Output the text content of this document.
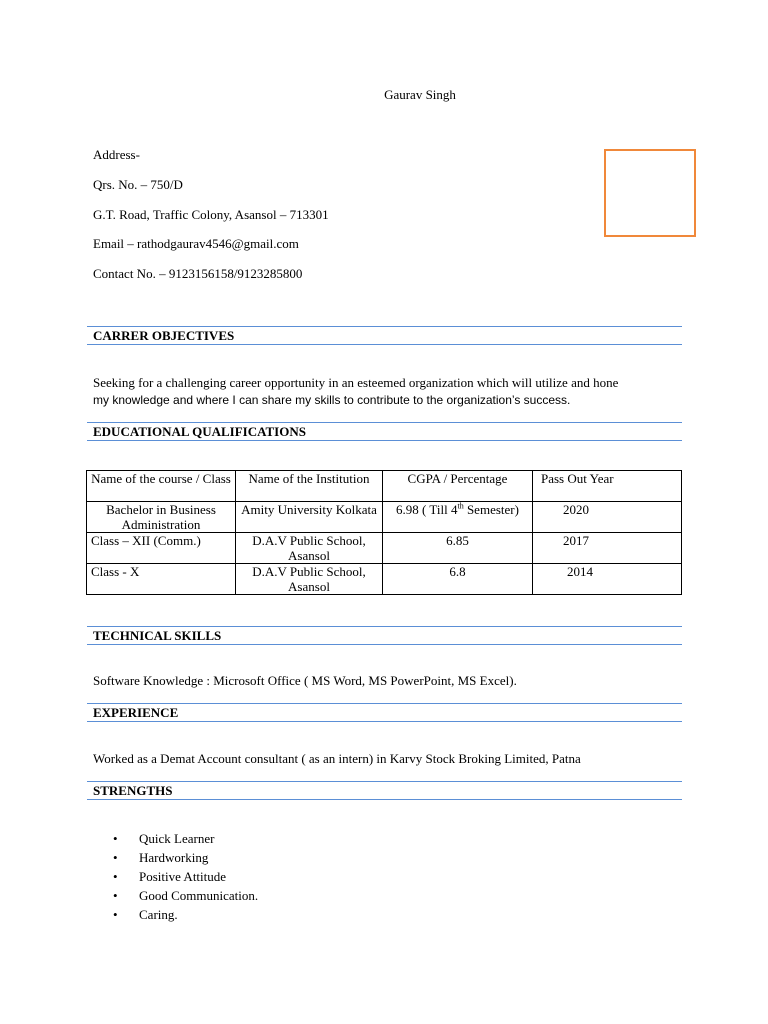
Gaurav Singh
Address-
Qrs. No. – 750/D
G.T. Road, Traffic Colony, Asansol – 713301
Email – rathodgaurav4546@gmail.com
Contact No. – 9123156158/9123285800
CARRER OBJECTIVES
Seeking for a challenging career opportunity in an esteemed organization which will utilize and hone
my knowledge and where I can share my skills to contribute to the organization’s success.
EDUCATIONAL QUALIFICATIONS
Name of the course / Class	Name of the Institution	CGPA / Percentage	Pass Out Year
Bachelor in Business Administration	Amity University Kolkata	6.98 ( Till 4th Semester)	2020
Class – XII (Comm.)	D.A.V Public School, Asansol	6.85	2017
Class - X	D.A.V Public School, Asansol	6.8	2014
TECHNICAL SKILLS
Software Knowledge : Microsoft Office ( MS Word, MS PowerPoint, MS Excel).
EXPERIENCE
Worked as a Demat Account consultant ( as an intern) in Karvy Stock Broking Limited, Patna
STRENGTHS
• Quick Learner
• Hardworking
• Positive Attitude
• Good Communication.
• Caring.
